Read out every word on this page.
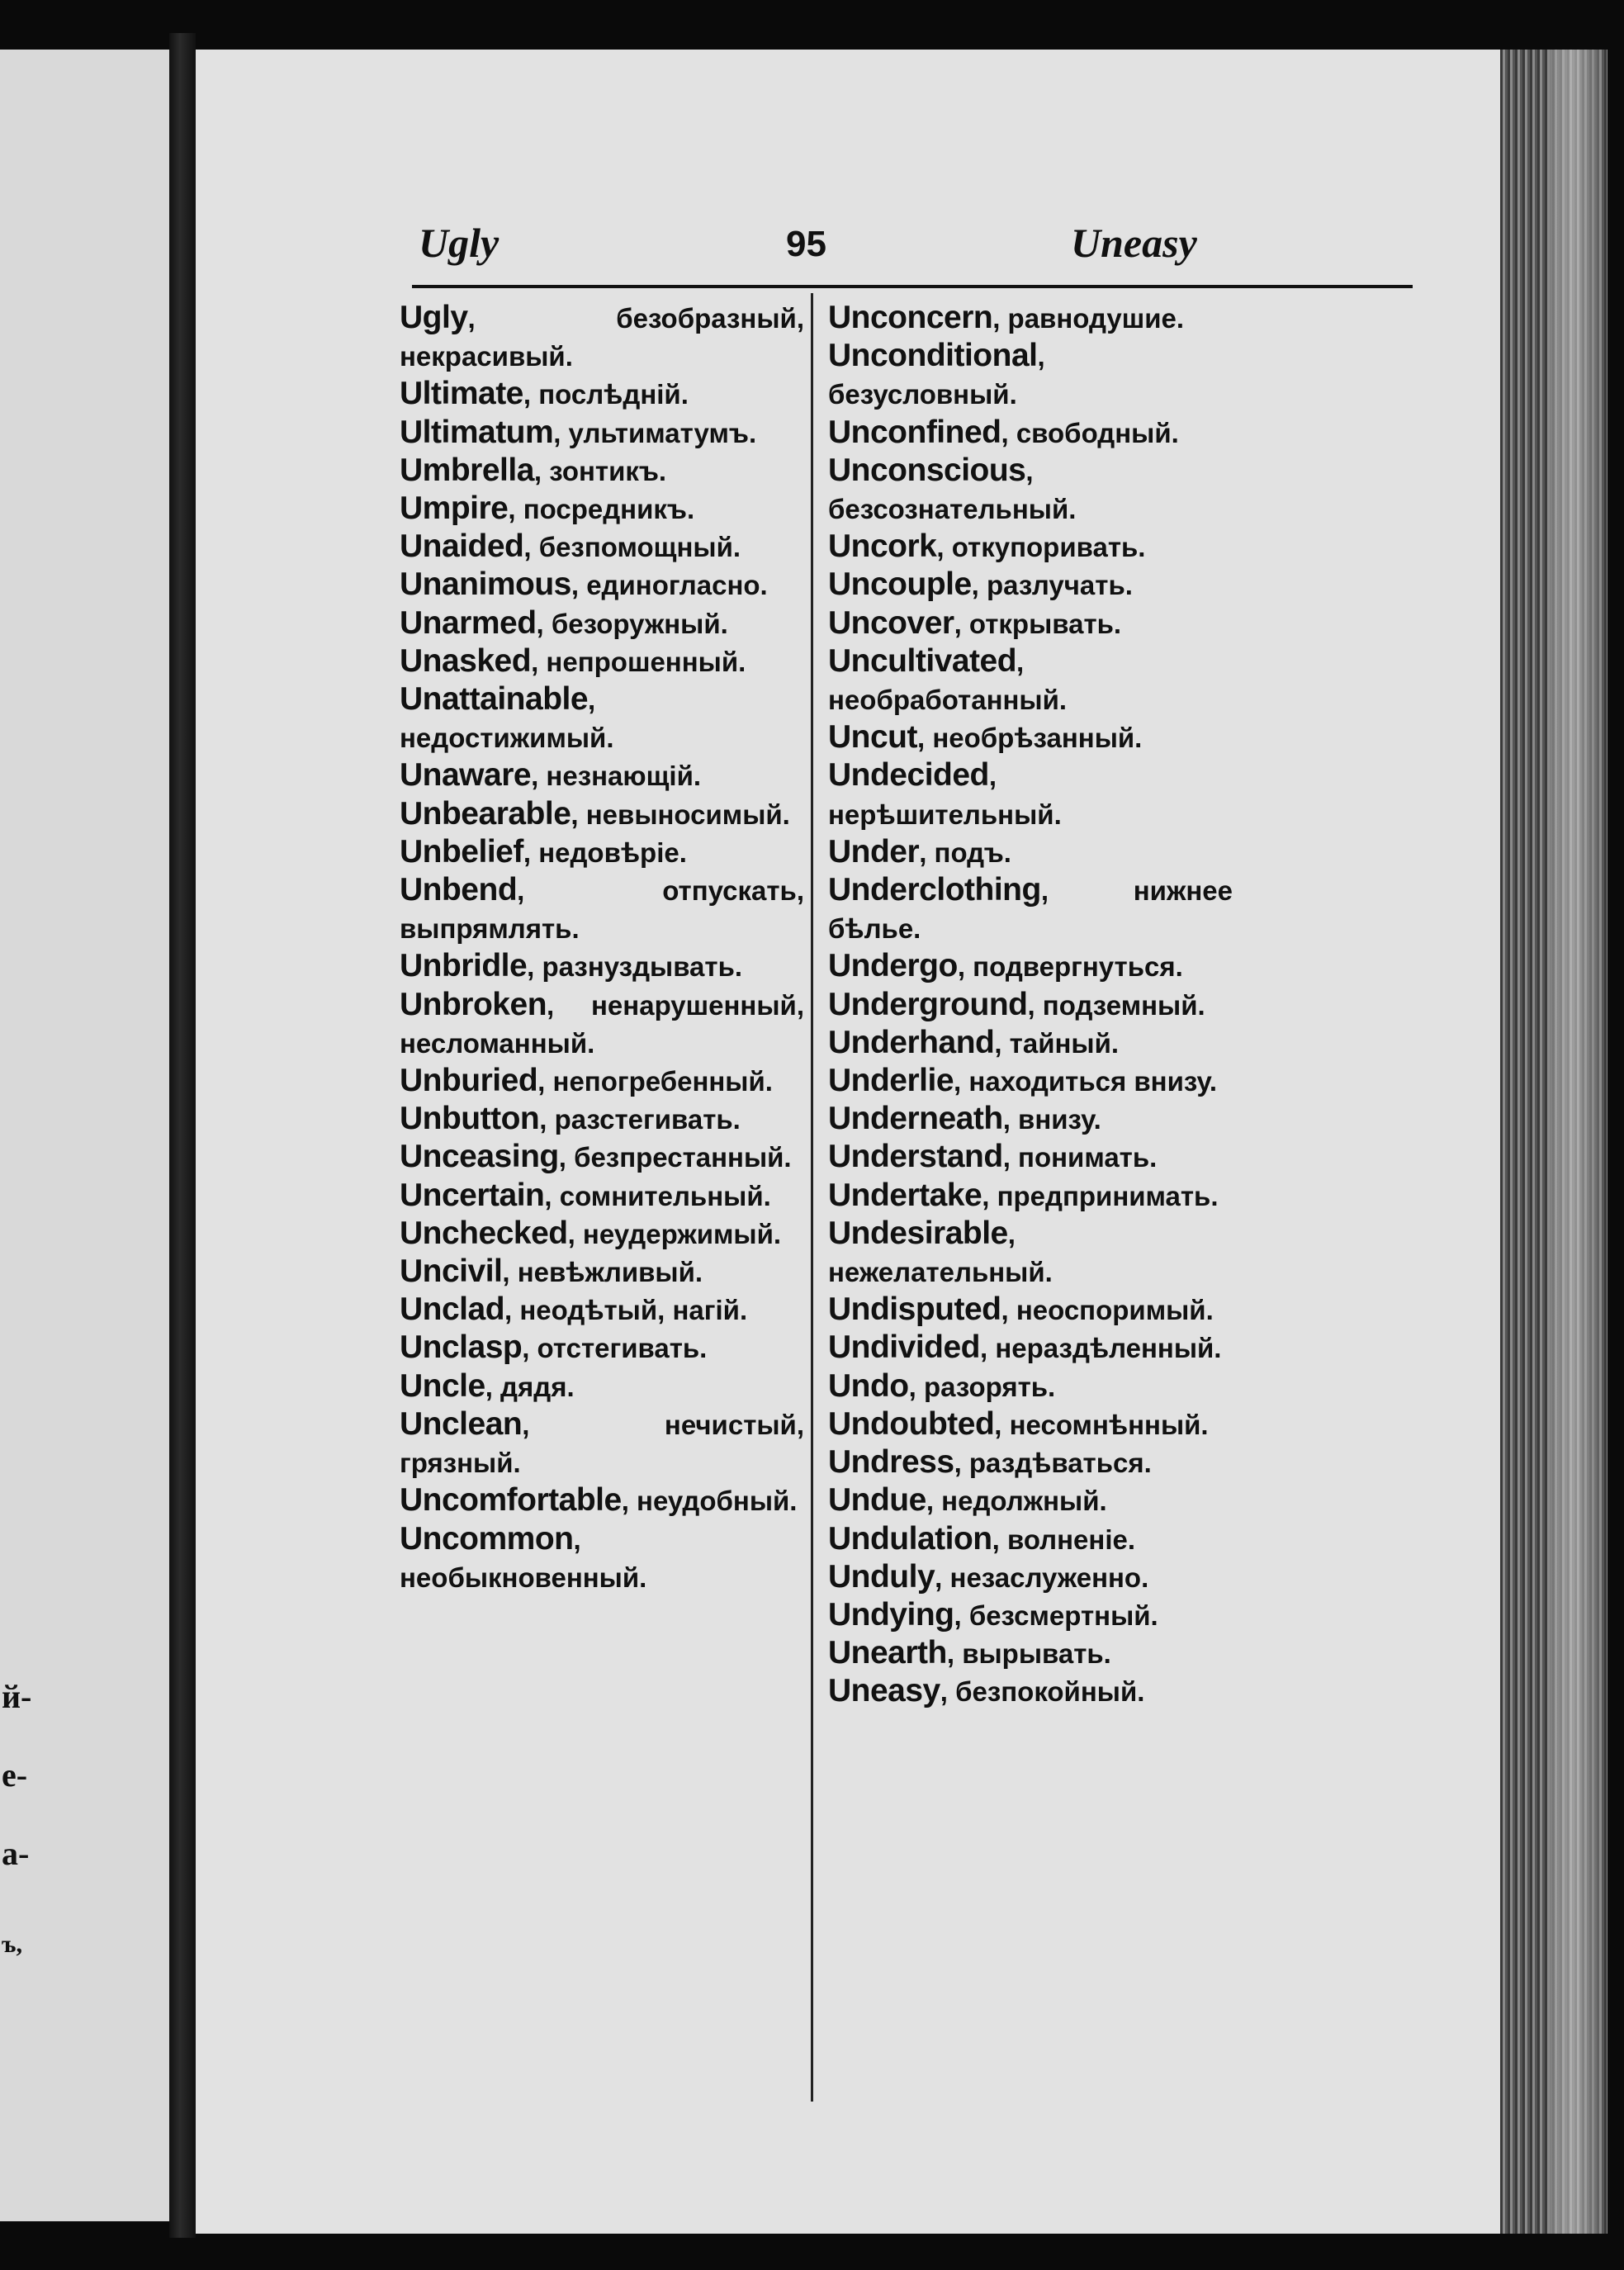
й-
е-
а-
ъ,
Ugly	95	Uneasy

Ugly, безобразный, некрасивый.

Ultimate, послѣднiй.

Ultimatum, ультиматумъ.

Umbrella, зонтикъ.

Umpire, посредникъ.

Unaided, безпомощный.

Unanimous, единогласно.

Unarmed, безоружный.

Unasked, непрошенный.

Unattainable, недостижимый.

Unaware, незнающiй.

Unbearable, невыносимый.

Unbelief, недовѣрiе.

Unbend, отпускать, выпрямлять.

Unbridle, разнуздывать.

Unbroken, ненарушенный, несломанный.

Unburied, непогребенный.

Unbutton, разстегивать.

Unceasing, безпрестанный.

Uncertain, сомнительный.

Unchecked, неудержимый.

Uncivil, невѣжливый.

Unclad, неодѣтый, нагiй.

Unclasp, отстегивать.

Uncle, дядя.

Unclean, нечистый, грязный.

Uncomfortable, неудобный.

Uncommon, необыкновенный.

Unconcern, равнодушие.

Unconditional, безусловный.

Unconfined, свободный.

Unconscious, безсознательный.

Uncork, откупоривать.

Uncouple, разлучать.

Uncover, открывать.

Uncultivated, необработанный.

Uncut, необрѣзанный.

Undecided, нерѣшительный.

Under, подъ.

Underclothing, нижнее бѣлье.

Undergo, подвергнуться.

Underground, подземный.

Underhand, тайный.

Underlie, находиться внизу.

Underneath, внизу.

Understand, понимать.

Undertake, предпринимать.

Undesirable, нежелательный.

Undisputed, неоспоримый.

Undivided, нераздѣленный.

Undo, разорять.

Undoubted, несомнѣнный.

Undress, раздѣваться.

Undue, недолжный.

Undulation, волненiе.

Unduly, незаслуженно.

Undying, безсмертный.

Unearth, вырывать.

Uneasy, безпокойный.
